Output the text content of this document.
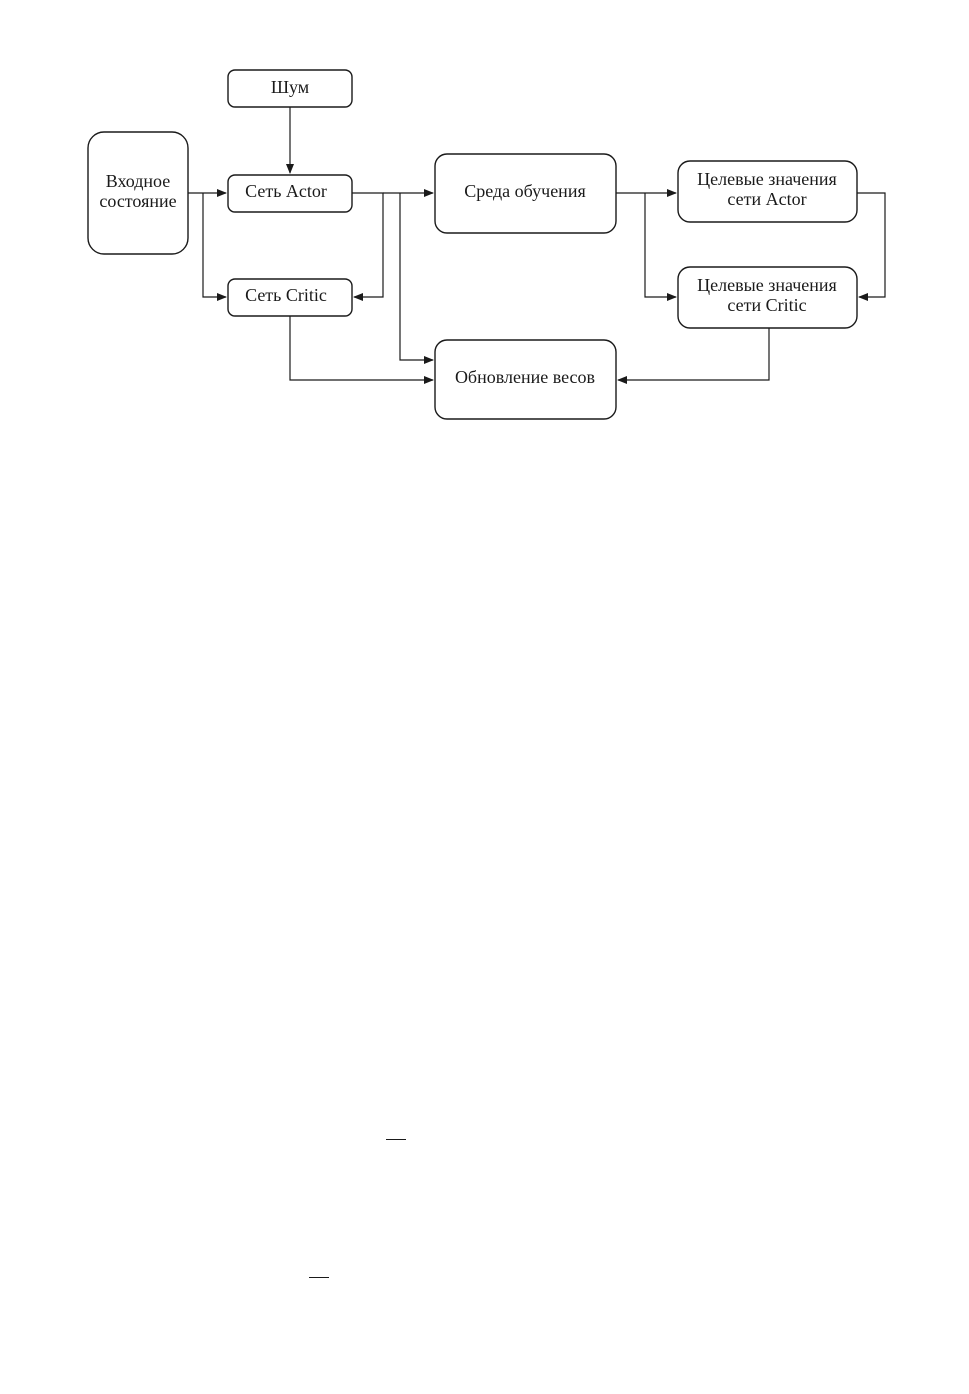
Шум
Входное
состояние	Сеть Actor
Сеть Critic
Среда обучения
Обновление весов
Целевые значения
сети Actor
Целевые значения
сети Critic
